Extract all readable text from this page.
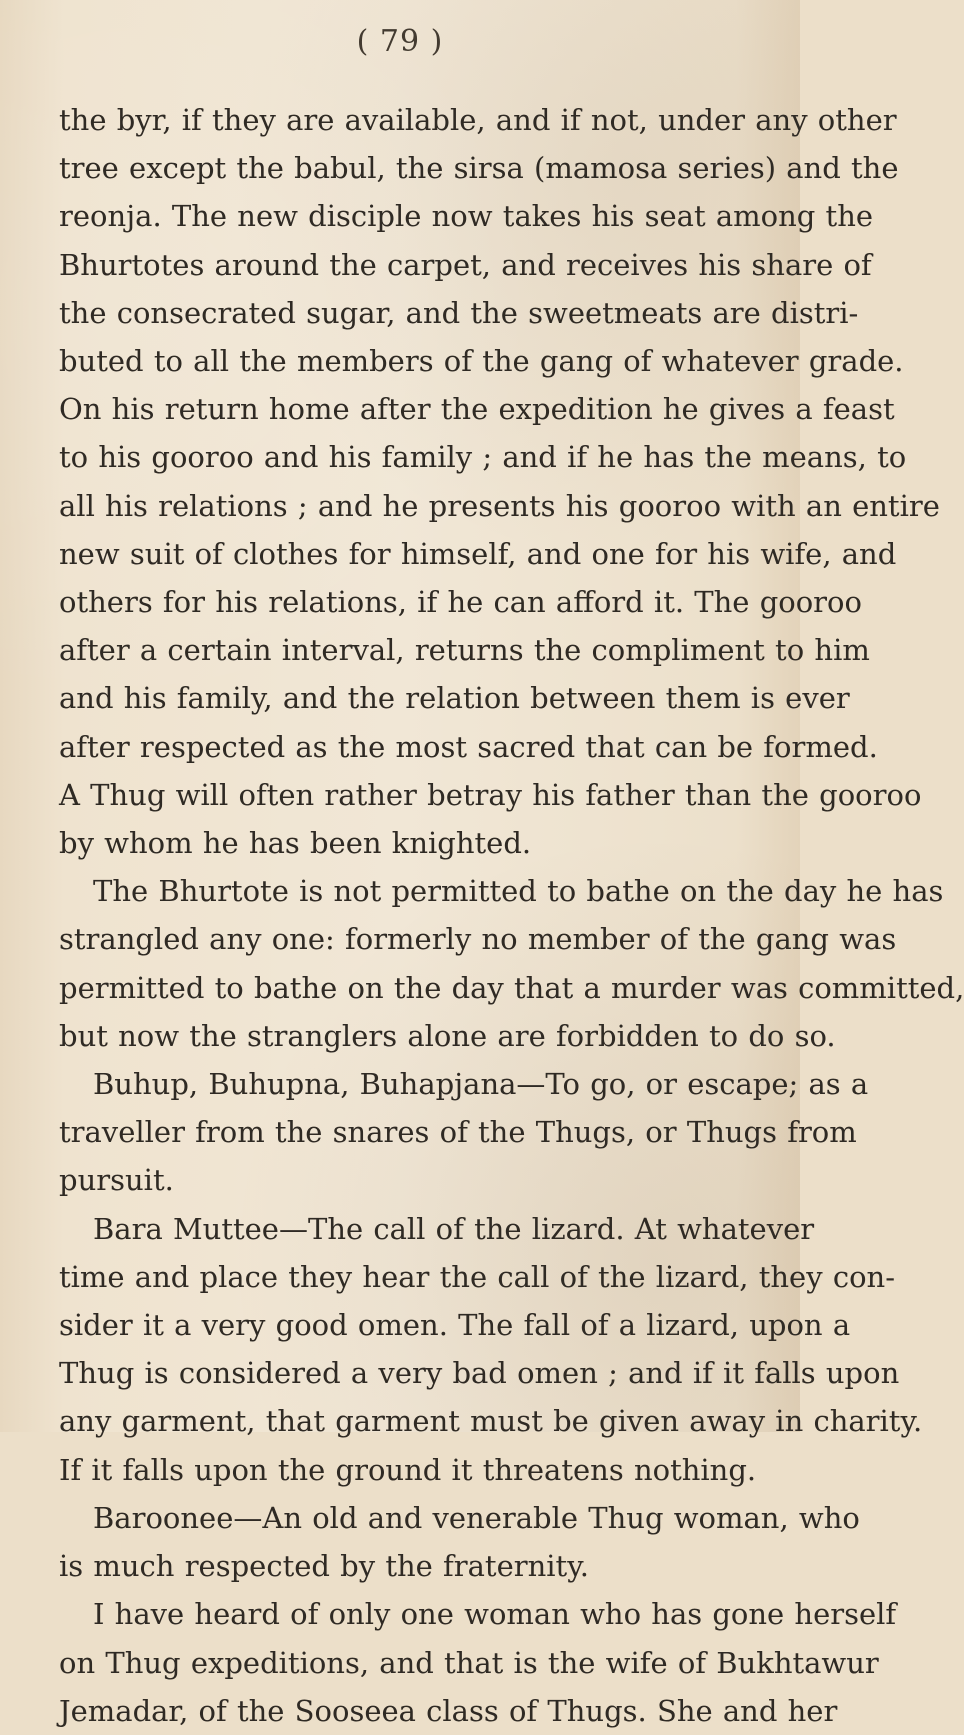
( 79 )
the byr, if they are available, and if not, under any other
tree except the babul, the sirsa (mamosa series) and the
reonja. The new disciple now takes his seat among the
Bhurtotes around the carpet, and receives his share of
the consecrated sugar, and the sweetmeats are distri-
buted to all the members of the gang of whatever grade.
On his return home after the expedition he gives a feast
to his gooroo and his family ; and if he has the means, to
all his relations ; and he presents his gooroo with an entire
new suit of clothes for himself, and one for his wife, and
others for his relations, if he can afford it. The gooroo
after a certain interval, returns the compliment to him
and his family, and the relation between them is ever
after respected as the most sacred that can be formed.
A Thug will often rather betray his father than the gooroo
by whom he has been knighted.
The Bhurtote is not permitted to bathe on the day he has
strangled any one: formerly no member of the gang was
permitted to bathe on the day that a murder was committed,
but now the stranglers alone are forbidden to do so.
Buhup, Buhupna, Buhapjana—To go, or escape; as a
traveller from the snares of the Thugs, or Thugs from
pursuit.
Bara Muttee—The call of the lizard. At whatever
time and place they hear the call of the lizard, they con-
sider it a very good omen. The fall of a lizard, upon a
Thug is considered a very bad omen ; and if it falls upon
any garment, that garment must be given away in charity.
If it falls upon the ground it threatens nothing.
Baroonee—An old and venerable Thug woman, who
is much respected by the fraternity.
I have heard of only one woman who has gone herself
on Thug expeditions, and that is the wife of Bukhtawur
Jemadar, of the Sooseea class of Thugs. She and her
